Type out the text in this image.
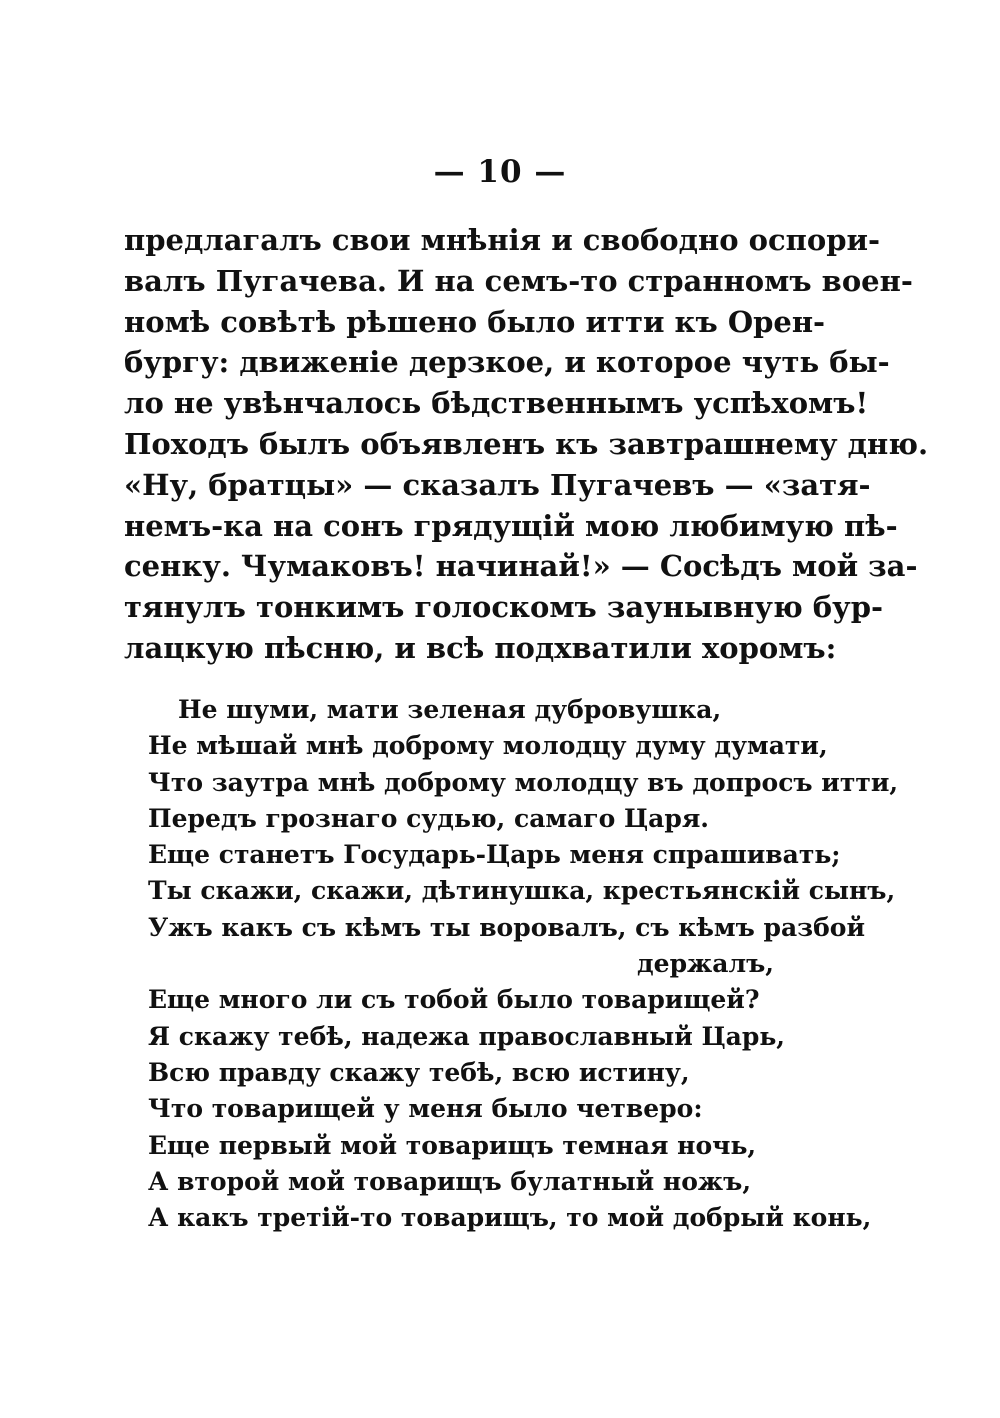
— 10 —
предлагалъ свои мнѣнія и свободно оспори-
валъ Пугачева. И на семъ-то странномъ воен-
номѣ совѣтѣ рѣшено было итти къ Орен-
бургу: движеніе дерзкое, и которое чуть бы-
ло не увѣнчалось бѣдственнымъ успѣхомъ!
Походъ былъ объявленъ къ завтрашнему дню.
«Ну, братцы» — сказалъ Пугачевъ — «затя-
немъ-ка на сонъ грядущій мою любимую пѣ-
сенку. Чумаковъ! начинай!» — Сосѣдъ мой за-
тянулъ тонкимъ голоскомъ заунывную бур-
лацкую пѣсню, и всѣ подхватили хоромъ:
Не шуми, мати зеленая дубровушка,
Не мѣшай мнѣ доброму молодцу думу думати,
Что заутра мнѣ доброму молодцу въ допросъ итти,
Передъ грознаго судью, самаго Царя.
Еще станетъ Государь-Царь меня спрашивать;
Ты скажи, скажи, дѣтинушка, крестьянскій сынъ,
Ужъ какъ съ кѣмъ ты воровалъ, съ кѣмъ разбой
держалъ,
Еще много ли съ тобой было товарищей?
Я скажу тебѣ, надежа православный Царь,
Всю правду скажу тебѣ, всю истину,
Что товарищей у меня было четверо:
Еще первый мой товарищъ темная ночь,
А второй мой товарищъ булатный ножъ,
А какъ третій-то товарищъ, то мой добрый конь,
